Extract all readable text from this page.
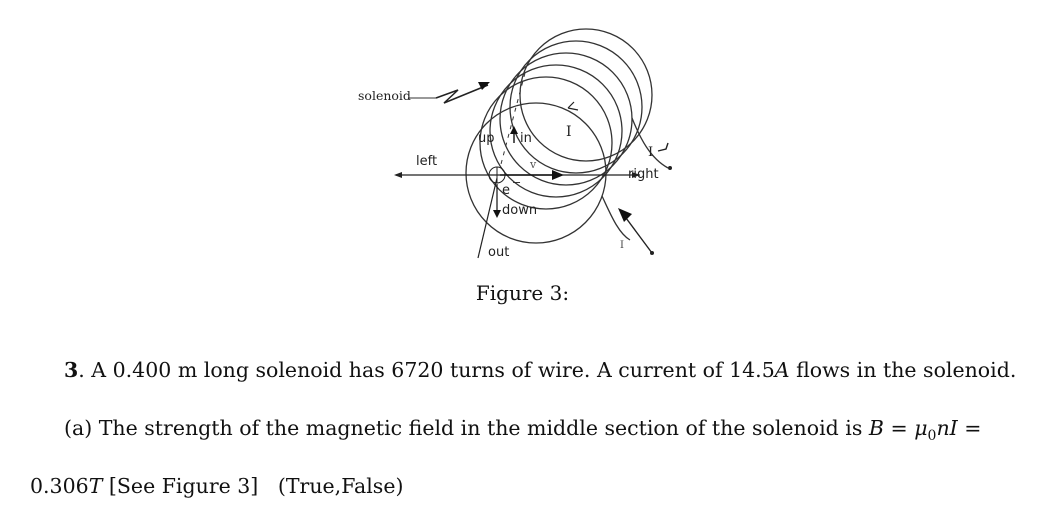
solenoid
left
right
up in
down
out
I
I
I
v
e
−
Figure 3:
3. A 0.400 m long solenoid has 6720 turns of wire. A current of 14.5A flows in the solenoid.
(a) The strength of the magnetic field in the middle section of the solenoid is $B = \mu_0nI$ =
0.306T [See Figure 3] (True,False)
